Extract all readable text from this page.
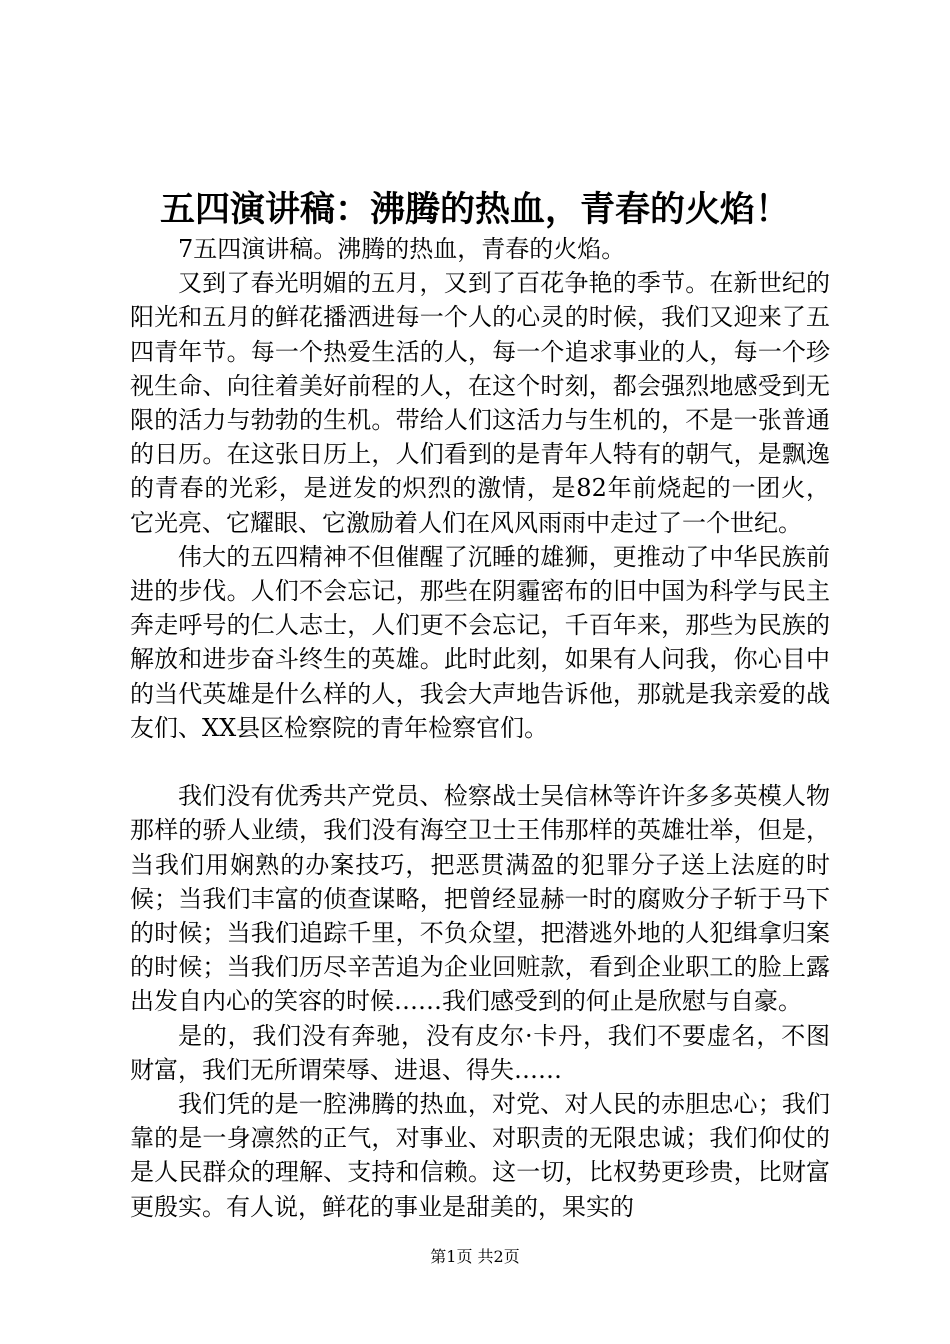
五四演讲稿：沸腾的热血，青春的火焰！

7五四演讲稿。沸腾的热血，青春的火焰。

又到了春光明媚的五月，又到了百花争艳的季节。在新世纪的阳光和五月的鲜花播洒进每一个人的心灵的时候，我们又迎来了五四青年节。每一个热爱生活的人，每一个追求事业的人，每一个珍视生命、向往着美好前程的人，在这个时刻，都会强烈地感受到无限的活力与勃勃的生机。带给人们这活力与生机的，不是一张普通的日历。在这张日历上，人们看到的是青年人特有的朝气，是飘逸的青春的光彩，是迸发的炽烈的激情，是82年前烧起的一团火，它光亮、它耀眼、它激励着人们在风风雨雨中走过了一个世纪。

伟大的五四精神不但催醒了沉睡的雄狮，更推动了中华民族前进的步伐。人们不会忘记，那些在阴霾密布的旧中国为科学与民主奔走呼号的仁人志士，人们更不会忘记，千百年来，那些为民族的解放和进步奋斗终生的英雄。此时此刻，如果有人问我，你心目中的当代英雄是什么样的人，我会大声地告诉他，那就是我亲爱的战友们、XX县区检察院的青年检察官们。

我们没有优秀共产党员、检察战士吴信林等许许多多英模人物那样的骄人业绩，我们没有海空卫士王伟那样的英雄壮举，但是，当我们用娴熟的办案技巧，把恶贯满盈的犯罪分子送上法庭的时候；当我们丰富的侦查谋略，把曾经显赫一时的腐败分子斩于马下的时候；当我们追踪千里，不负众望，把潜逃外地的人犯缉拿归案的时候；当我们历尽辛苦追为企业回赃款，看到企业职工的脸上露出发自内心的笑容的时候……我们感受到的何止是欣慰与自豪。

是的，我们没有奔驰，没有皮尔·卡丹，我们不要虚名，不图财富，我们无所谓荣辱、进退、得失……

我们凭的是一腔沸腾的热血，对党、对人民的赤胆忠心；我们靠的是一身凛然的正气，对事业、对职责的无限忠诚；我们仰仗的是人民群众的理解、支持和信赖。这一切，比权势更珍贵，比财富更殷实。有人说，鲜花的事业是甜美的，果实的

第1页 共2页
